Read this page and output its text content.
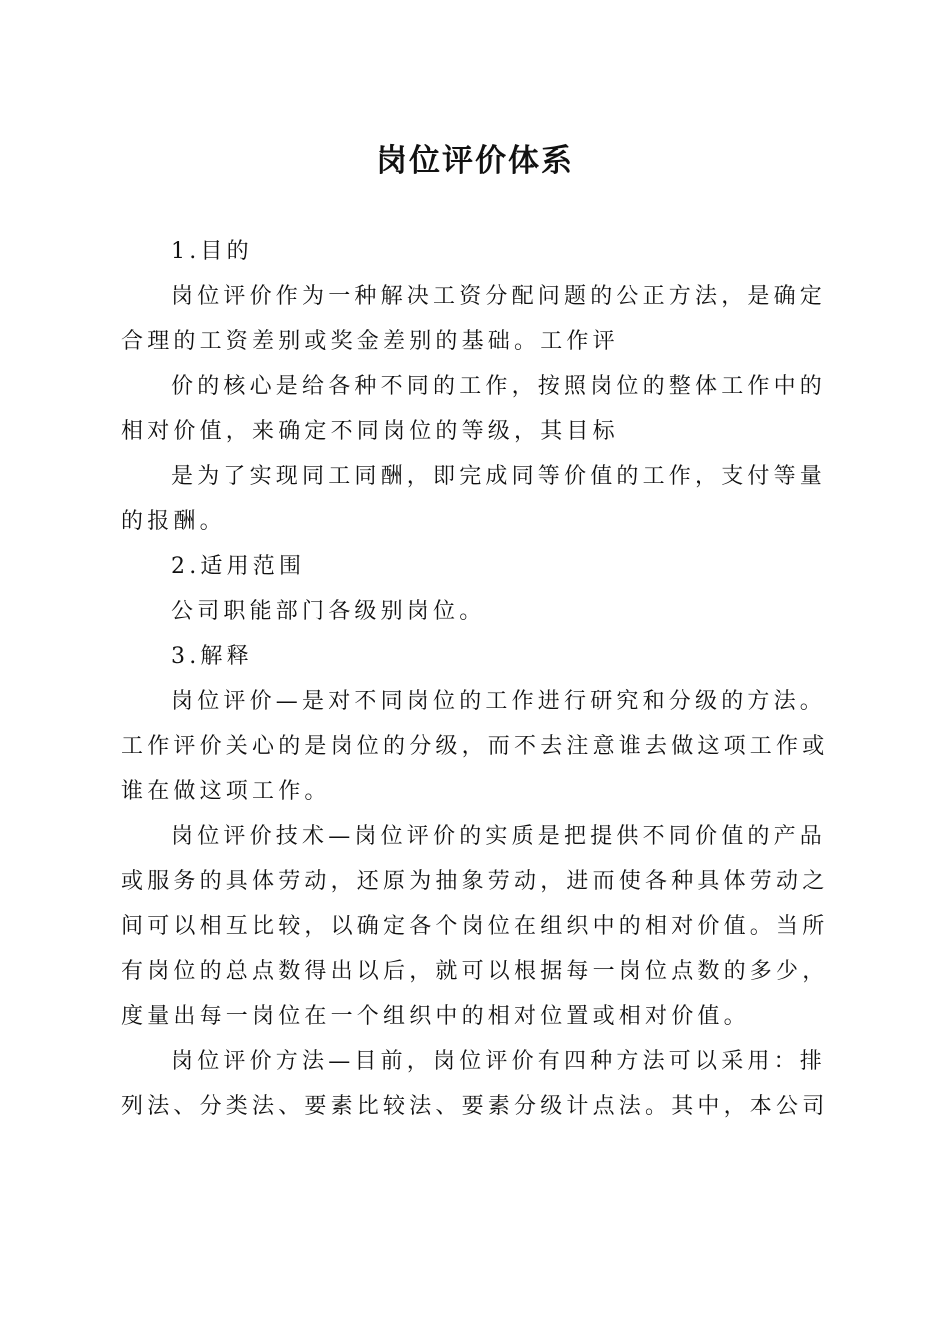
岗位评价体系
1.目的
岗位评价作为一种解决工资分配问题的公正方法，是确定
合理的工资差别或奖金差别的基础。工作评
价的核心是给各种不同的工作，按照岗位的整体工作中的
相对价值，来确定不同岗位的等级，其目标
是为了实现同工同酬，即完成同等价值的工作，支付等量
的报酬。
2.适用范围
公司职能部门各级别岗位。
3.解释
岗位评价—是对不同岗位的工作进行研究和分级的方法。
工作评价关心的是岗位的分级，而不去注意谁去做这项工作或
谁在做这项工作。
岗位评价技术—岗位评价的实质是把提供不同价值的产品
或服务的具体劳动，还原为抽象劳动，进而使各种具体劳动之
间可以相互比较，以确定各个岗位在组织中的相对价值。当所
有岗位的总点数得出以后，就可以根据每一岗位点数的多少，
度量出每一岗位在一个组织中的相对位置或相对价值。
岗位评价方法—目前，岗位评价有四种方法可以采用：排
列法、分类法、要素比较法、要素分级计点法。其中，本公司
